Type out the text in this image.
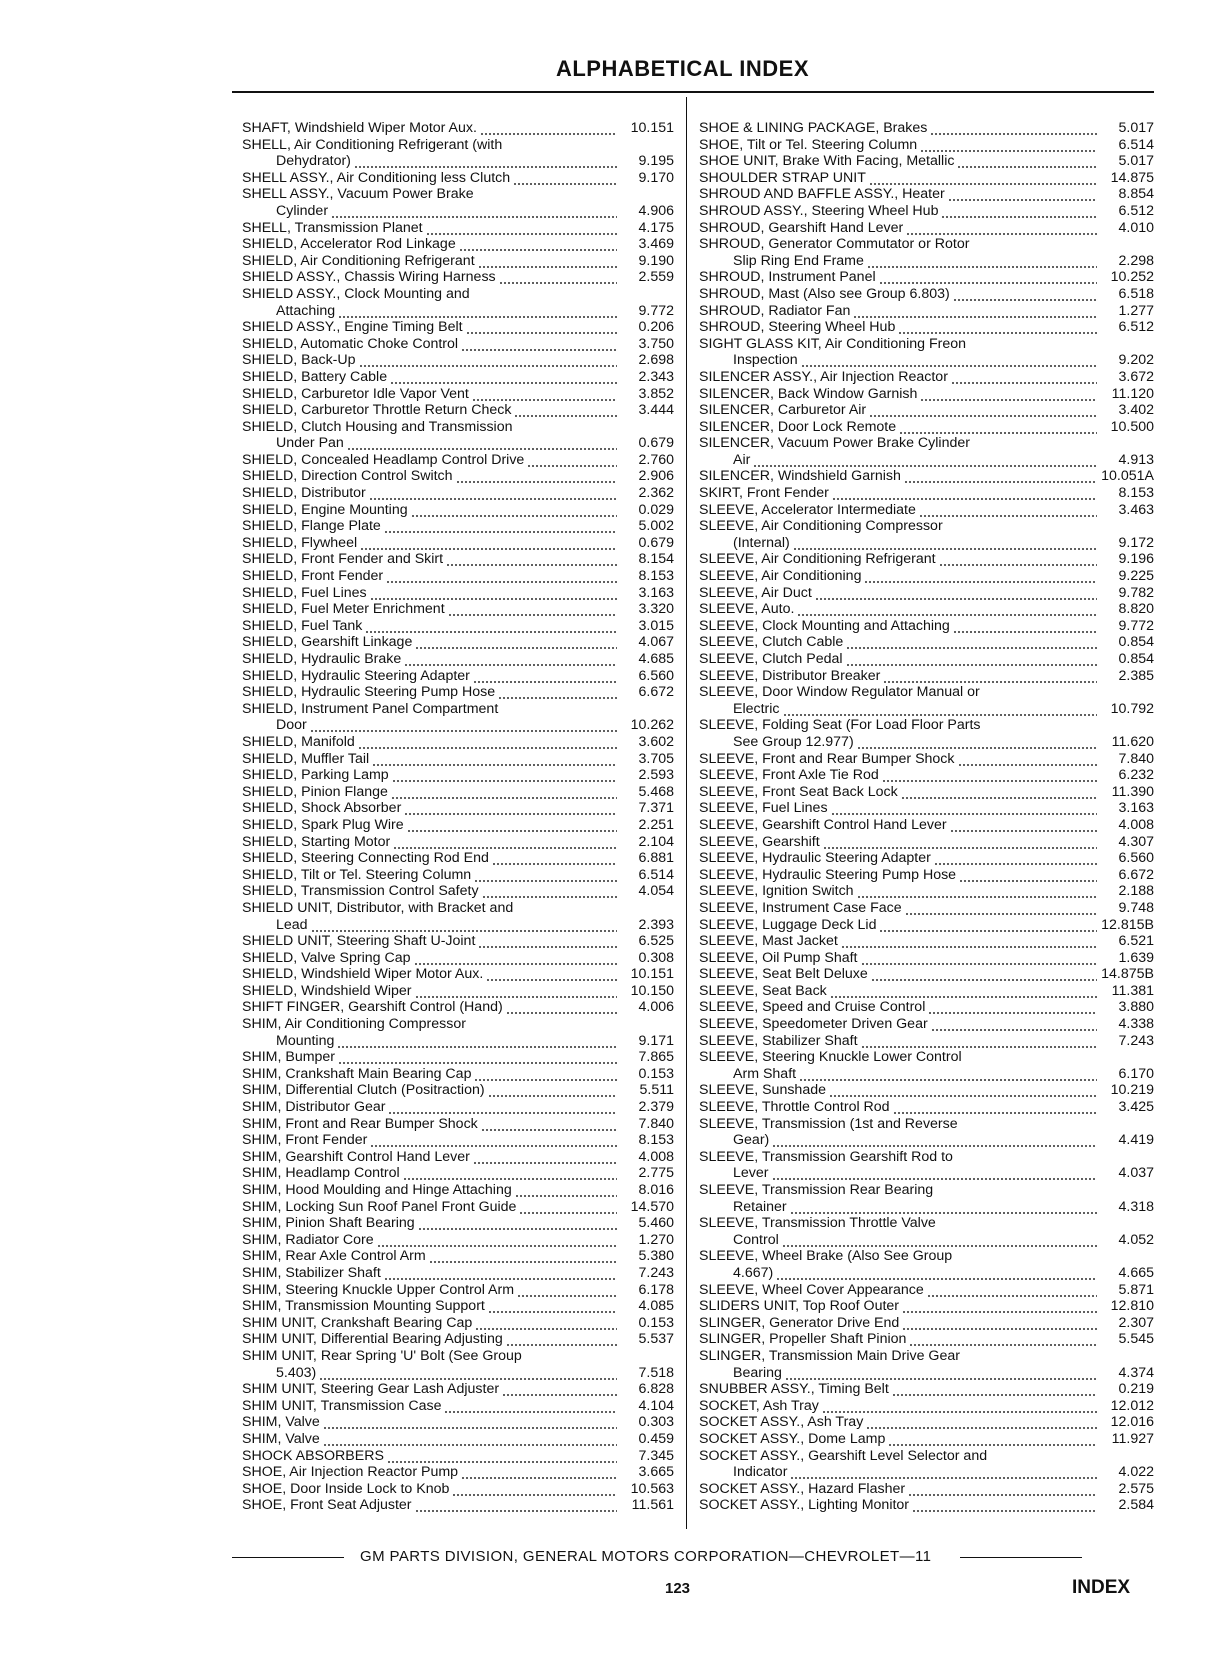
ALPHABETICAL INDEX
SHAFT, Windshield Wiper Motor Aux.	10.151
SHELL, Air Conditioning Refrigerant (with
Dehydrator)	9.195
SHELL ASSY., Air Conditioning less Clutch	9.170
SHELL ASSY., Vacuum Power Brake
Cylinder	4.906
SHELL, Transmission Planet	4.175
SHIELD, Accelerator Rod Linkage	3.469
SHIELD, Air Conditioning Refrigerant	9.190
SHIELD ASSY., Chassis Wiring Harness	2.559
SHIELD ASSY., Clock Mounting and
Attaching	9.772
SHIELD ASSY., Engine Timing Belt	0.206
SHIELD, Automatic Choke Control	3.750
SHIELD, Back-Up	2.698
SHIELD, Battery Cable	2.343
SHIELD, Carburetor Idle Vapor Vent	3.852
SHIELD, Carburetor Throttle Return Check	3.444
SHIELD, Clutch Housing and Transmission
Under Pan	0.679
SHIELD, Concealed Headlamp Control Drive	2.760
SHIELD, Direction Control Switch	2.906
SHIELD, Distributor	2.362
SHIELD, Engine Mounting	0.029
SHIELD, Flange Plate	5.002
SHIELD, Flywheel	0.679
SHIELD, Front Fender and Skirt	8.154
SHIELD, Front Fender	8.153
SHIELD, Fuel Lines	3.163
SHIELD, Fuel Meter Enrichment	3.320
SHIELD, Fuel Tank	3.015
SHIELD, Gearshift Linkage	4.067
SHIELD, Hydraulic Brake	4.685
SHIELD, Hydraulic Steering Adapter	6.560
SHIELD, Hydraulic Steering Pump Hose	6.672
SHIELD, Instrument Panel Compartment
Door	10.262
SHIELD, Manifold	3.602
SHIELD, Muffler Tail	3.705
SHIELD, Parking Lamp	2.593
SHIELD, Pinion Flange	5.468
SHIELD, Shock Absorber	7.371
SHIELD, Spark Plug Wire	2.251
SHIELD, Starting Motor	2.104
SHIELD, Steering Connecting Rod End	6.881
SHIELD, Tilt or Tel. Steering Column	6.514
SHIELD, Transmission Control Safety	4.054
SHIELD UNIT, Distributor, with Bracket and
Lead	2.393
SHIELD UNIT, Steering Shaft U-Joint	6.525
SHIELD, Valve Spring Cap	0.308
SHIELD, Windshield Wiper Motor Aux.	10.151
SHIELD, Windshield Wiper	10.150
SHIFT FINGER, Gearshift Control (Hand)	4.006
SHIM, Air Conditioning Compressor
Mounting	9.171
SHIM, Bumper	7.865
SHIM, Crankshaft Main Bearing Cap	0.153
SHIM, Differential Clutch (Positraction)	5.511
SHIM, Distributor Gear	2.379
SHIM, Front and Rear Bumper Shock	7.840
SHIM, Front Fender	8.153
SHIM, Gearshift Control Hand Lever	4.008
SHIM, Headlamp Control	2.775
SHIM, Hood Moulding and Hinge Attaching	8.016
SHIM, Locking Sun Roof Panel Front Guide	14.570
SHIM, Pinion Shaft Bearing	5.460
SHIM, Radiator Core	1.270
SHIM, Rear Axle Control Arm	5.380
SHIM, Stabilizer Shaft	7.243
SHIM, Steering Knuckle Upper Control Arm	6.178
SHIM, Transmission Mounting Support	4.085
SHIM UNIT, Crankshaft Bearing Cap	0.153
SHIM UNIT, Differential Bearing Adjusting	5.537
SHIM UNIT, Rear Spring 'U' Bolt (See Group
5.403)	7.518
SHIM UNIT, Steering Gear Lash Adjuster	6.828
SHIM UNIT, Transmission Case	4.104
SHIM, Valve	0.303
SHIM, Valve	0.459
SHOCK ABSORBERS	7.345
SHOE, Air Injection Reactor Pump	3.665
SHOE, Door Inside Lock to Knob	10.563
SHOE, Front Seat Adjuster	11.561
SHOE & LINING PACKAGE, Brakes	5.017
SHOE, Tilt or Tel. Steering Column	6.514
SHOE UNIT, Brake With Facing, Metallic	5.017
SHOULDER STRAP UNIT	14.875
SHROUD AND BAFFLE ASSY., Heater	8.854
SHROUD ASSY., Steering Wheel Hub	6.512
SHROUD, Gearshift Hand Lever	4.010
SHROUD, Generator Commutator or Rotor
Slip Ring End Frame	2.298
SHROUD, Instrument Panel	10.252
SHROUD, Mast (Also see Group 6.803)	6.518
SHROUD, Radiator Fan	1.277
SHROUD, Steering Wheel Hub	6.512
SIGHT GLASS KIT, Air Conditioning Freon
Inspection	9.202
SILENCER ASSY., Air Injection Reactor	3.672
SILENCER, Back Window Garnish	11.120
SILENCER, Carburetor Air	3.402
SILENCER, Door Lock Remote	10.500
SILENCER, Vacuum Power Brake Cylinder
Air	4.913
SILENCER, Windshield Garnish	10.051A
SKIRT, Front Fender	8.153
SLEEVE, Accelerator Intermediate	3.463
SLEEVE, Air Conditioning Compressor
(Internal)	9.172
SLEEVE, Air Conditioning Refrigerant	9.196
SLEEVE, Air Conditioning	9.225
SLEEVE, Air Duct	9.782
SLEEVE, Auto.	8.820
SLEEVE, Clock Mounting and Attaching	9.772
SLEEVE, Clutch Cable	0.854
SLEEVE, Clutch Pedal	0.854
SLEEVE, Distributor Breaker	2.385
SLEEVE, Door Window Regulator Manual or
Electric	10.792
SLEEVE, Folding Seat (For Load Floor Parts
See Group 12.977)	11.620
SLEEVE, Front and Rear Bumper Shock	7.840
SLEEVE, Front Axle Tie Rod	6.232
SLEEVE, Front Seat Back Lock	11.390
SLEEVE, Fuel Lines	3.163
SLEEVE, Gearshift Control Hand Lever	4.008
SLEEVE, Gearshift	4.307
SLEEVE, Hydraulic Steering Adapter	6.560
SLEEVE, Hydraulic Steering Pump Hose	6.672
SLEEVE, Ignition Switch	2.188
SLEEVE, Instrument Case Face	9.748
SLEEVE, Luggage Deck Lid	12.815B
SLEEVE, Mast Jacket	6.521
SLEEVE, Oil Pump Shaft	1.639
SLEEVE, Seat Belt Deluxe	14.875B
SLEEVE, Seat Back	11.381
SLEEVE, Speed and Cruise Control	3.880
SLEEVE, Speedometer Driven Gear	4.338
SLEEVE, Stabilizer Shaft	7.243
SLEEVE, Steering Knuckle Lower Control
Arm Shaft	6.170
SLEEVE, Sunshade	10.219
SLEEVE, Throttle Control Rod	3.425
SLEEVE, Transmission (1st and Reverse
Gear)	4.419
SLEEVE, Transmission Gearshift Rod to
Lever	4.037
SLEEVE, Transmission Rear Bearing
Retainer	4.318
SLEEVE, Transmission Throttle Valve
Control	4.052
SLEEVE, Wheel Brake (Also See Group
4.667)	4.665
SLEEVE, Wheel Cover Appearance	5.871
SLIDERS UNIT, Top Roof Outer	12.810
SLINGER, Generator Drive End	2.307
SLINGER, Propeller Shaft Pinion	5.545
SLINGER, Transmission Main Drive Gear
Bearing	4.374
SNUBBER ASSY., Timing Belt	0.219
SOCKET, Ash Tray	12.012
SOCKET ASSY., Ash Tray	12.016
SOCKET ASSY., Dome Lamp	11.927
SOCKET ASSY., Gearshift Level Selector and
Indicator	4.022
SOCKET ASSY., Hazard Flasher	2.575
SOCKET ASSY., Lighting Monitor	2.584
GM PARTS DIVISION, GENERAL MOTORS CORPORATION—CHEVROLET—11
123	INDEX
